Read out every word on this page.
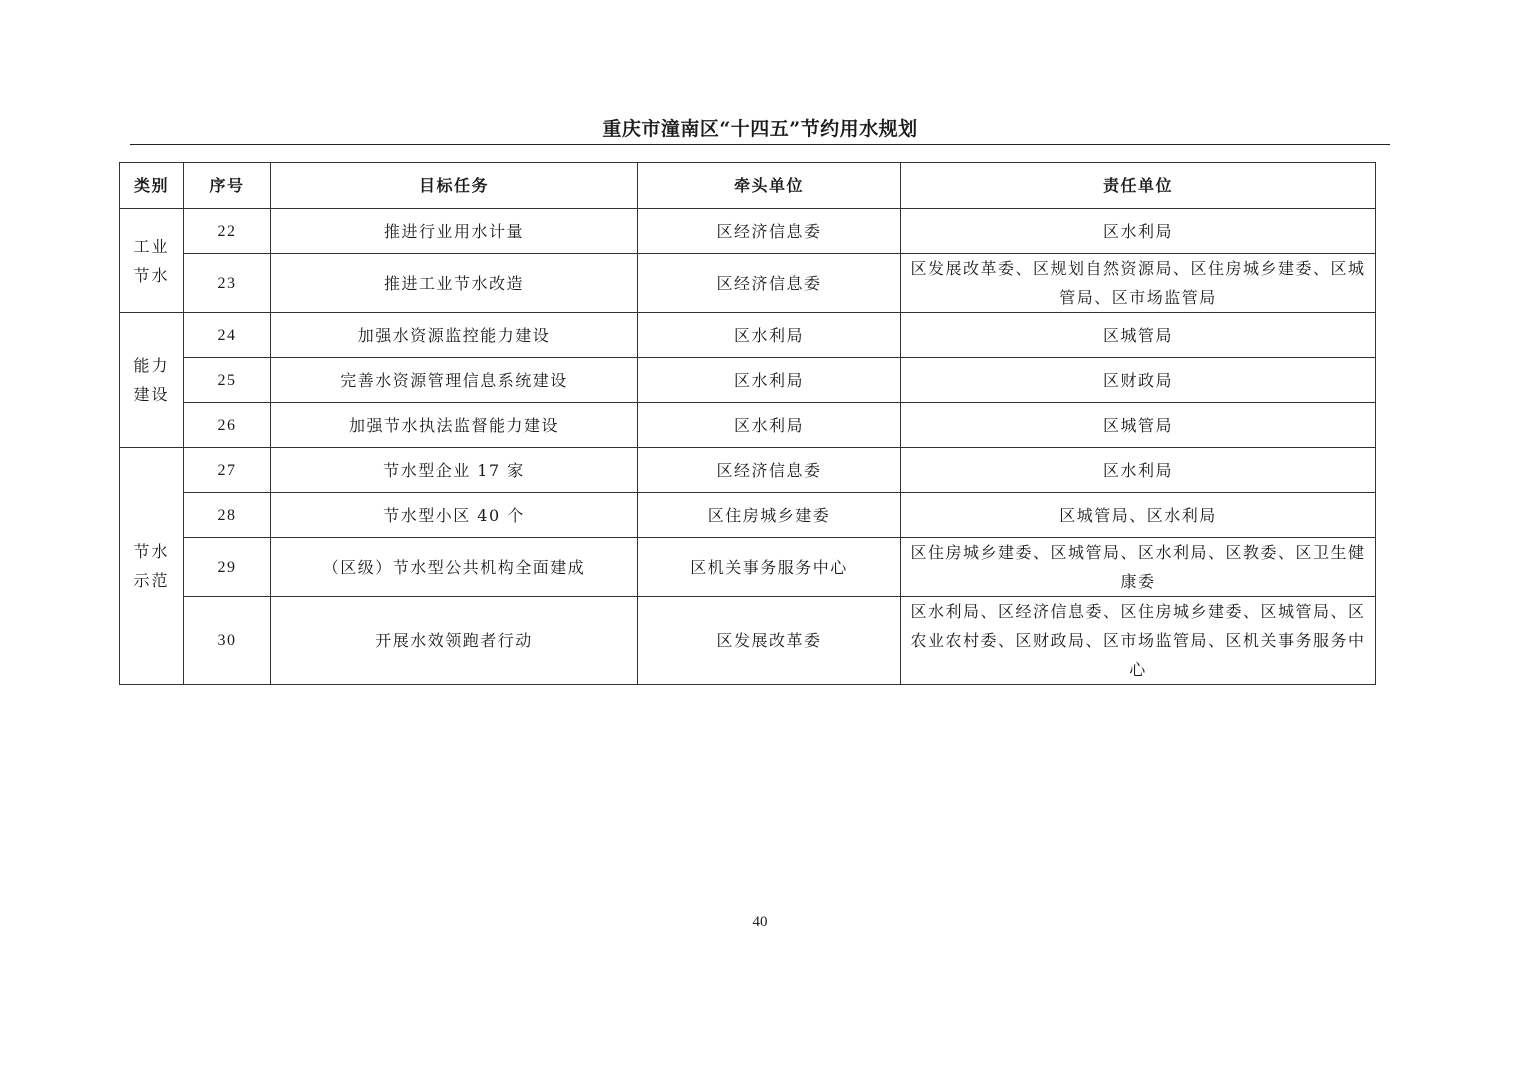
重庆市潼南区“十四五”节约用水规划
类别	序号	目标任务	牵头单位	责任单位
工业节水	22	推进行业用水计量	区经济信息委	区水利局
	23	推进工业节水改造	区经济信息委	区发展改革委、区规划自然资源局、区住房城乡建委、区城管局、区市场监管局
能力建设	24	加强水资源监控能力建设	区水利局	区城管局
	25	完善水资源管理信息系统建设	区水利局	区财政局
	26	加强节水执法监督能力建设	区水利局	区城管局
节水示范	27	节水型企业 17 家	区经济信息委	区水利局
	28	节水型小区 40 个	区住房城乡建委	区城管局、区水利局
	29	（区级）节水型公共机构全面建成	区机关事务服务中心	区住房城乡建委、区城管局、区水利局、区教委、区卫生健康委
	30	开展水效领跑者行动	区发展改革委	区水利局、区经济信息委、区住房城乡建委、区城管局、区农业农村委、区财政局、区市场监管局、区机关事务服务中心
40
